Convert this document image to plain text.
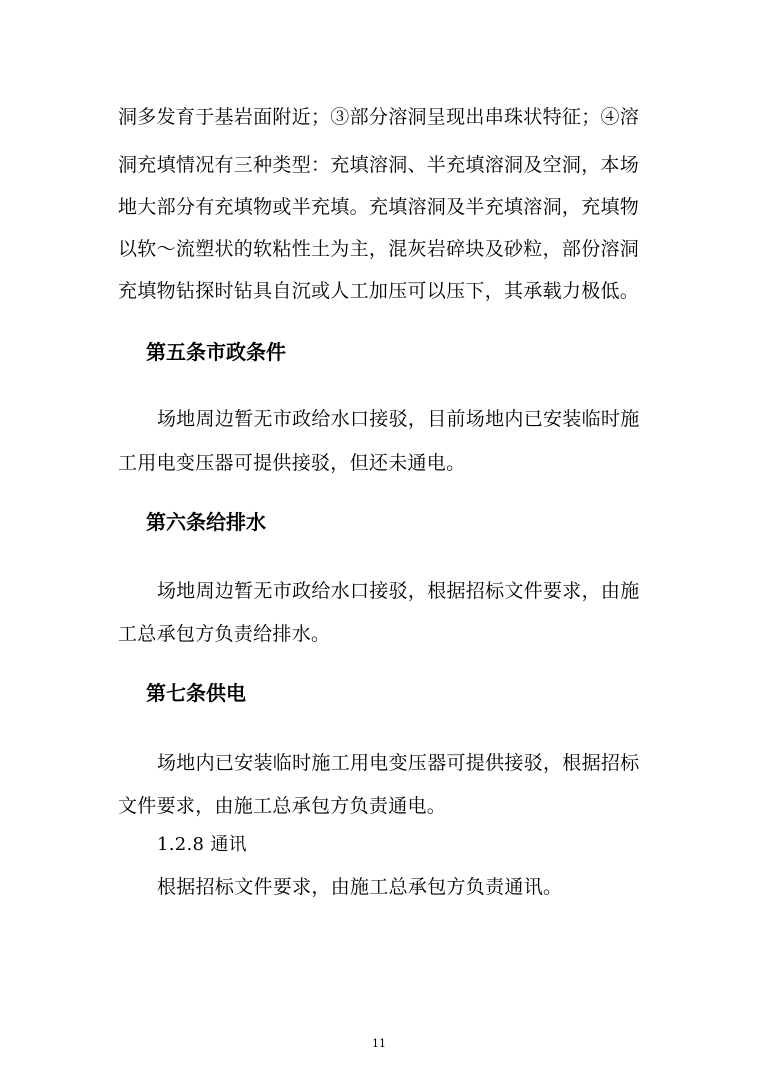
洞多发育于基岩面附近；③部分溶洞呈现出串珠状特征；④溶
洞充填情况有三种类型：充填溶洞、半充填溶洞及空洞，本场
地大部分有充填物或半充填。充填溶洞及半充填溶洞，充填物
以软～流塑状的软粘性土为主，混灰岩碎块及砂粒，部份溶洞
充填物钻探时钻具自沉或人工加压可以压下，其承载力极低。
第五条市政条件
场地周边暂无市政给水口接驳，目前场地内已安装临时施
工用电变压器可提供接驳，但还未通电。
第六条给排水
场地周边暂无市政给水口接驳，根据招标文件要求，由施
工总承包方负责给排水。
第七条供电
场地内已安装临时施工用电变压器可提供接驳，根据招标
文件要求，由施工总承包方负责通电。
1.2.8 通讯
根据招标文件要求，由施工总承包方负责通讯。
11
